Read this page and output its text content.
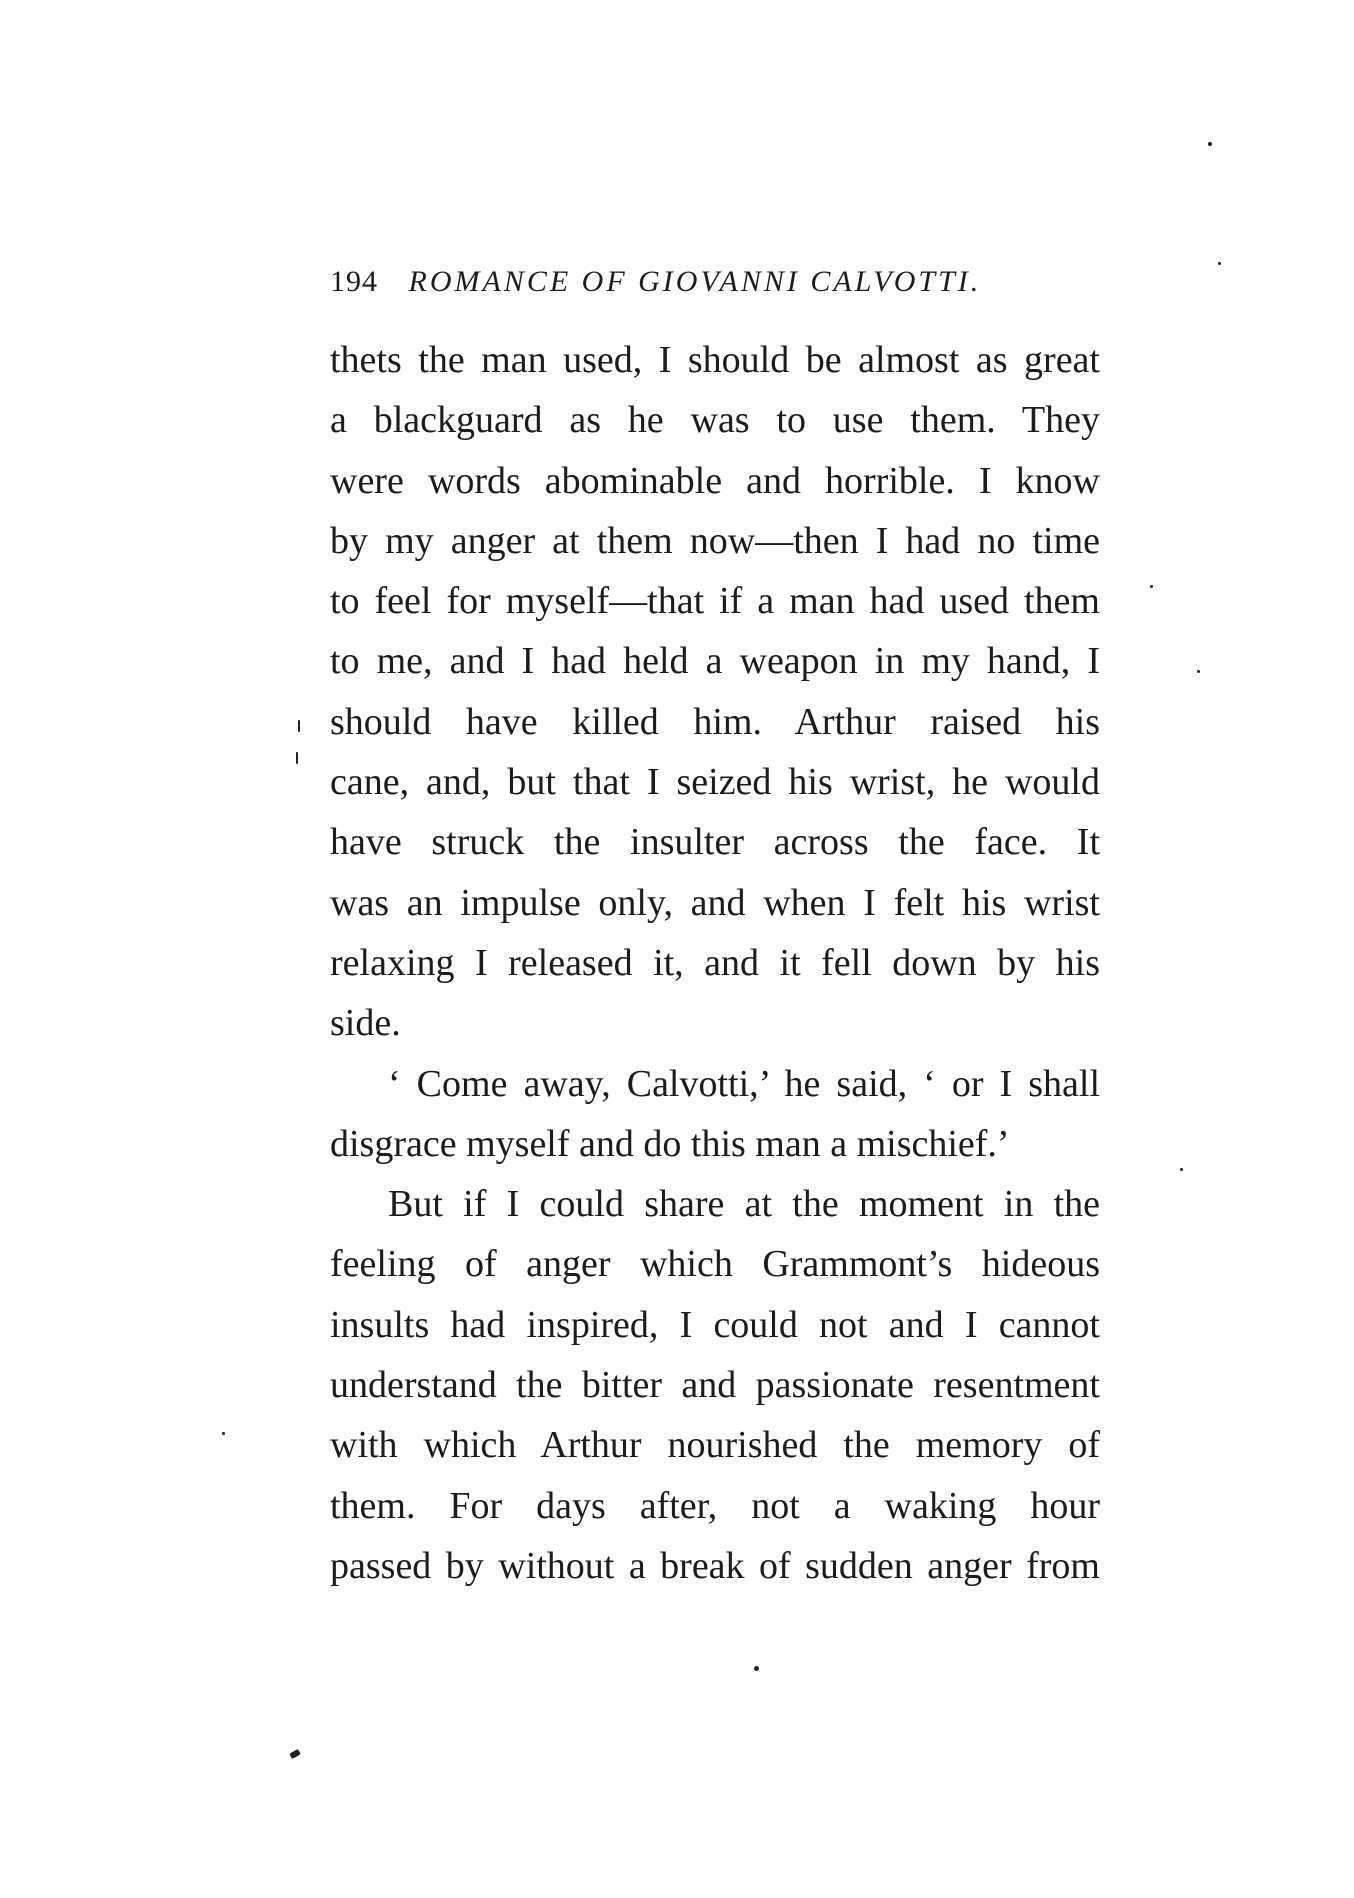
194 ROMANCE OF GIOVANNI CALVOTTI.
thets the man used, I should be almost as great
a blackguard as he was to use them. They
were words abominable and horrible. I know
by my anger at them now—then I had no time
to feel for myself—that if a man had used them
to me, and I had held a weapon in my hand, I
should have killed him. Arthur raised his
cane, and, but that I seized his wrist, he would
have struck the insulter across the face. It
was an impulse only, and when I felt his wrist
relaxing I released it, and it fell down by his
side.
‘ Come away, Calvotti,’ he said, ‘ or I shall
disgrace myself and do this man a mischief.’
But if I could share at the moment in the
feeling of anger which Grammont’s hideous
insults had inspired, I could not and I cannot
understand the bitter and passionate resentment
with which Arthur nourished the memory of
them. For days after, not a waking hour
passed by without a break of sudden anger from
